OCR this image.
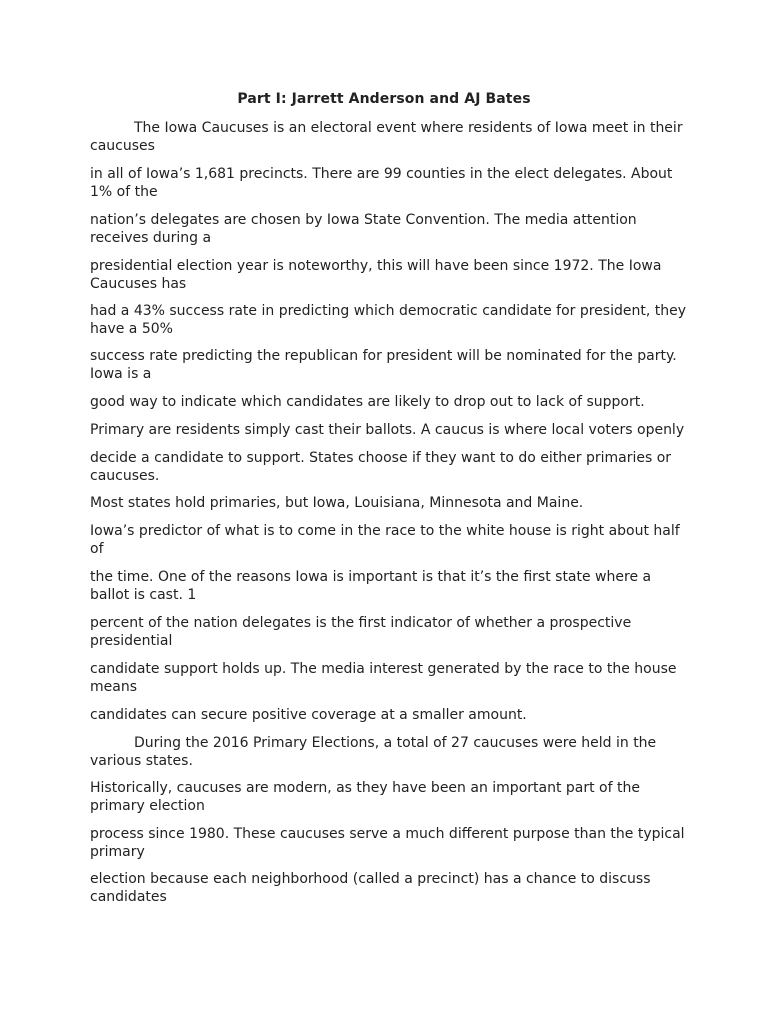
Part I: Jarrett Anderson and AJ Bates
The Iowa Caucuses is an electoral event where residents of Iowa meet in their caucuses
in all of Iowa’s 1,681 precincts. There are 99 counties in the elect delegates. About 1% of the
nation’s delegates are chosen by Iowa State Convention. The media attention receives during a
presidential election year is noteworthy, this will have been since 1972. The Iowa Caucuses has
had a 43% success rate in predicting which democratic candidate for president, they have a 50%
success rate predicting the republican for president will be nominated for the party. Iowa is a
good way to indicate which candidates are likely to drop out to lack of support.
Primary are residents simply cast their ballots. A caucus is where local voters openly
decide a candidate to support. States choose if they want to do either primaries or caucuses.
Most states hold primaries, but Iowa, Louisiana, Minnesota and Maine.
Iowa’s predictor of what is to come in the race to the white house is right about half of
the time. One of the reasons Iowa is important is that it’s the first state where a ballot is cast. 1
percent of the nation delegates is the first indicator of whether a prospective presidential
candidate support holds up. The media interest generated by the race to the house means
candidates can secure positive coverage at a smaller amount.
During the 2016 Primary Elections, a total of 27 caucuses were held in the various states.
Historically, caucuses are modern, as they have been an important part of the primary election
process since 1980. These caucuses serve a much different purpose than the typical primary
election because each neighborhood (called a precinct) has a chance to discuss candidates
